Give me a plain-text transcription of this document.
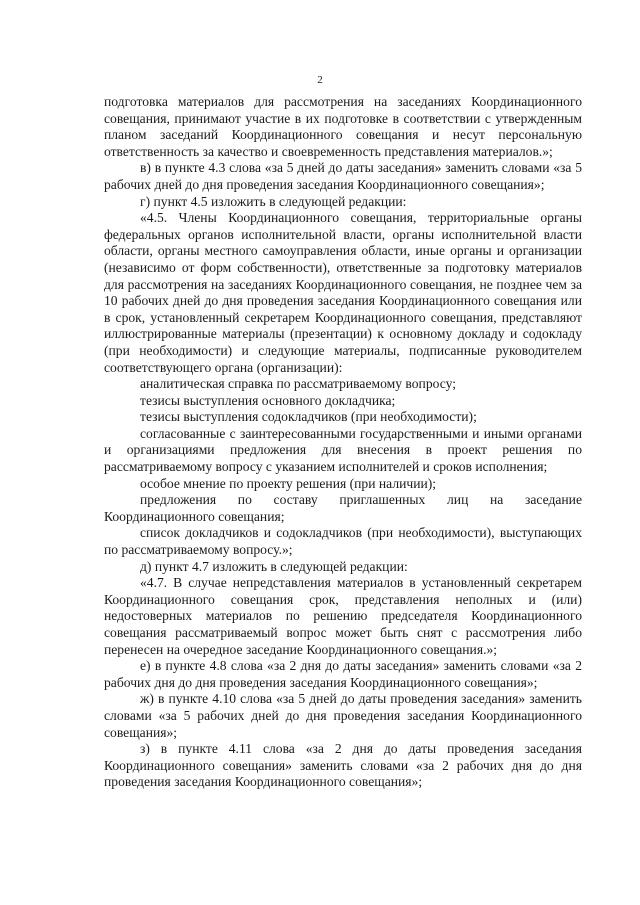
2

подготовка материалов для рассмотрения на заседаниях Координационного совещания, принимают участие в их подготовке в соответствии с утвержденным планом заседаний Координационного совещания и несут персональную ответственность за качество и своевременность представления материалов.»;

в) в пункте 4.3 слова «за 5 дней до даты заседания» заменить словами «за 5 рабочих дней до дня проведения заседания Координационного совещания»;

г) пункт 4.5 изложить в следующей редакции:

«4.5. Члены Координационного совещания, территориальные органы федеральных органов исполнительной власти, органы исполнительной власти области, органы местного самоуправления области, иные органы и организации (независимо от форм собственности), ответственные за подготовку материалов для рассмотрения на заседаниях Координационного совещания, не позднее чем за 10 рабочих дней до дня проведения заседания Координационного совещания или в срок, установленный секретарем Координационного совещания, представляют иллюстрированные материалы (презентации) к основному докладу и содокладу (при необходимости) и следующие материалы, подписанные руководителем соответствующего органа (организации):

аналитическая справка по рассматриваемому вопросу;

тезисы выступления основного докладчика;

тезисы выступления содокладчиков (при необходимости);

согласованные с заинтересованными государственными и иными органами и организациями предложения для внесения в проект решения по рассматриваемому вопросу с указанием исполнителей и сроков исполнения;

особое мнение по проекту решения (при наличии);

предложения по составу приглашенных лиц на заседание Координационного совещания;

список докладчиков и содокладчиков (при необходимости), выступающих по рассматриваемому вопросу.»;

д) пункт 4.7 изложить в следующей редакции:

«4.7. В случае непредставления материалов в установленный секретарем Координационного совещания срок, представления неполных и (или) недостоверных материалов по решению председателя Координационного совещания рассматриваемый вопрос может быть снят с рассмотрения либо перенесен на очередное заседание Координационного совещания.»;

е) в пункте 4.8 слова «за 2 дня до даты заседания» заменить словами «за 2 рабочих дня до дня проведения заседания Координационного совещания»;

ж) в пункте 4.10 слова «за 5 дней до даты проведения заседания» заменить словами «за 5 рабочих дней до дня проведения заседания Координационного совещания»;

з) в пункте 4.11 слова «за 2 дня до даты проведения заседания Координационного совещания» заменить словами «за 2 рабочих дня до дня проведения заседания Координационного совещания»;
